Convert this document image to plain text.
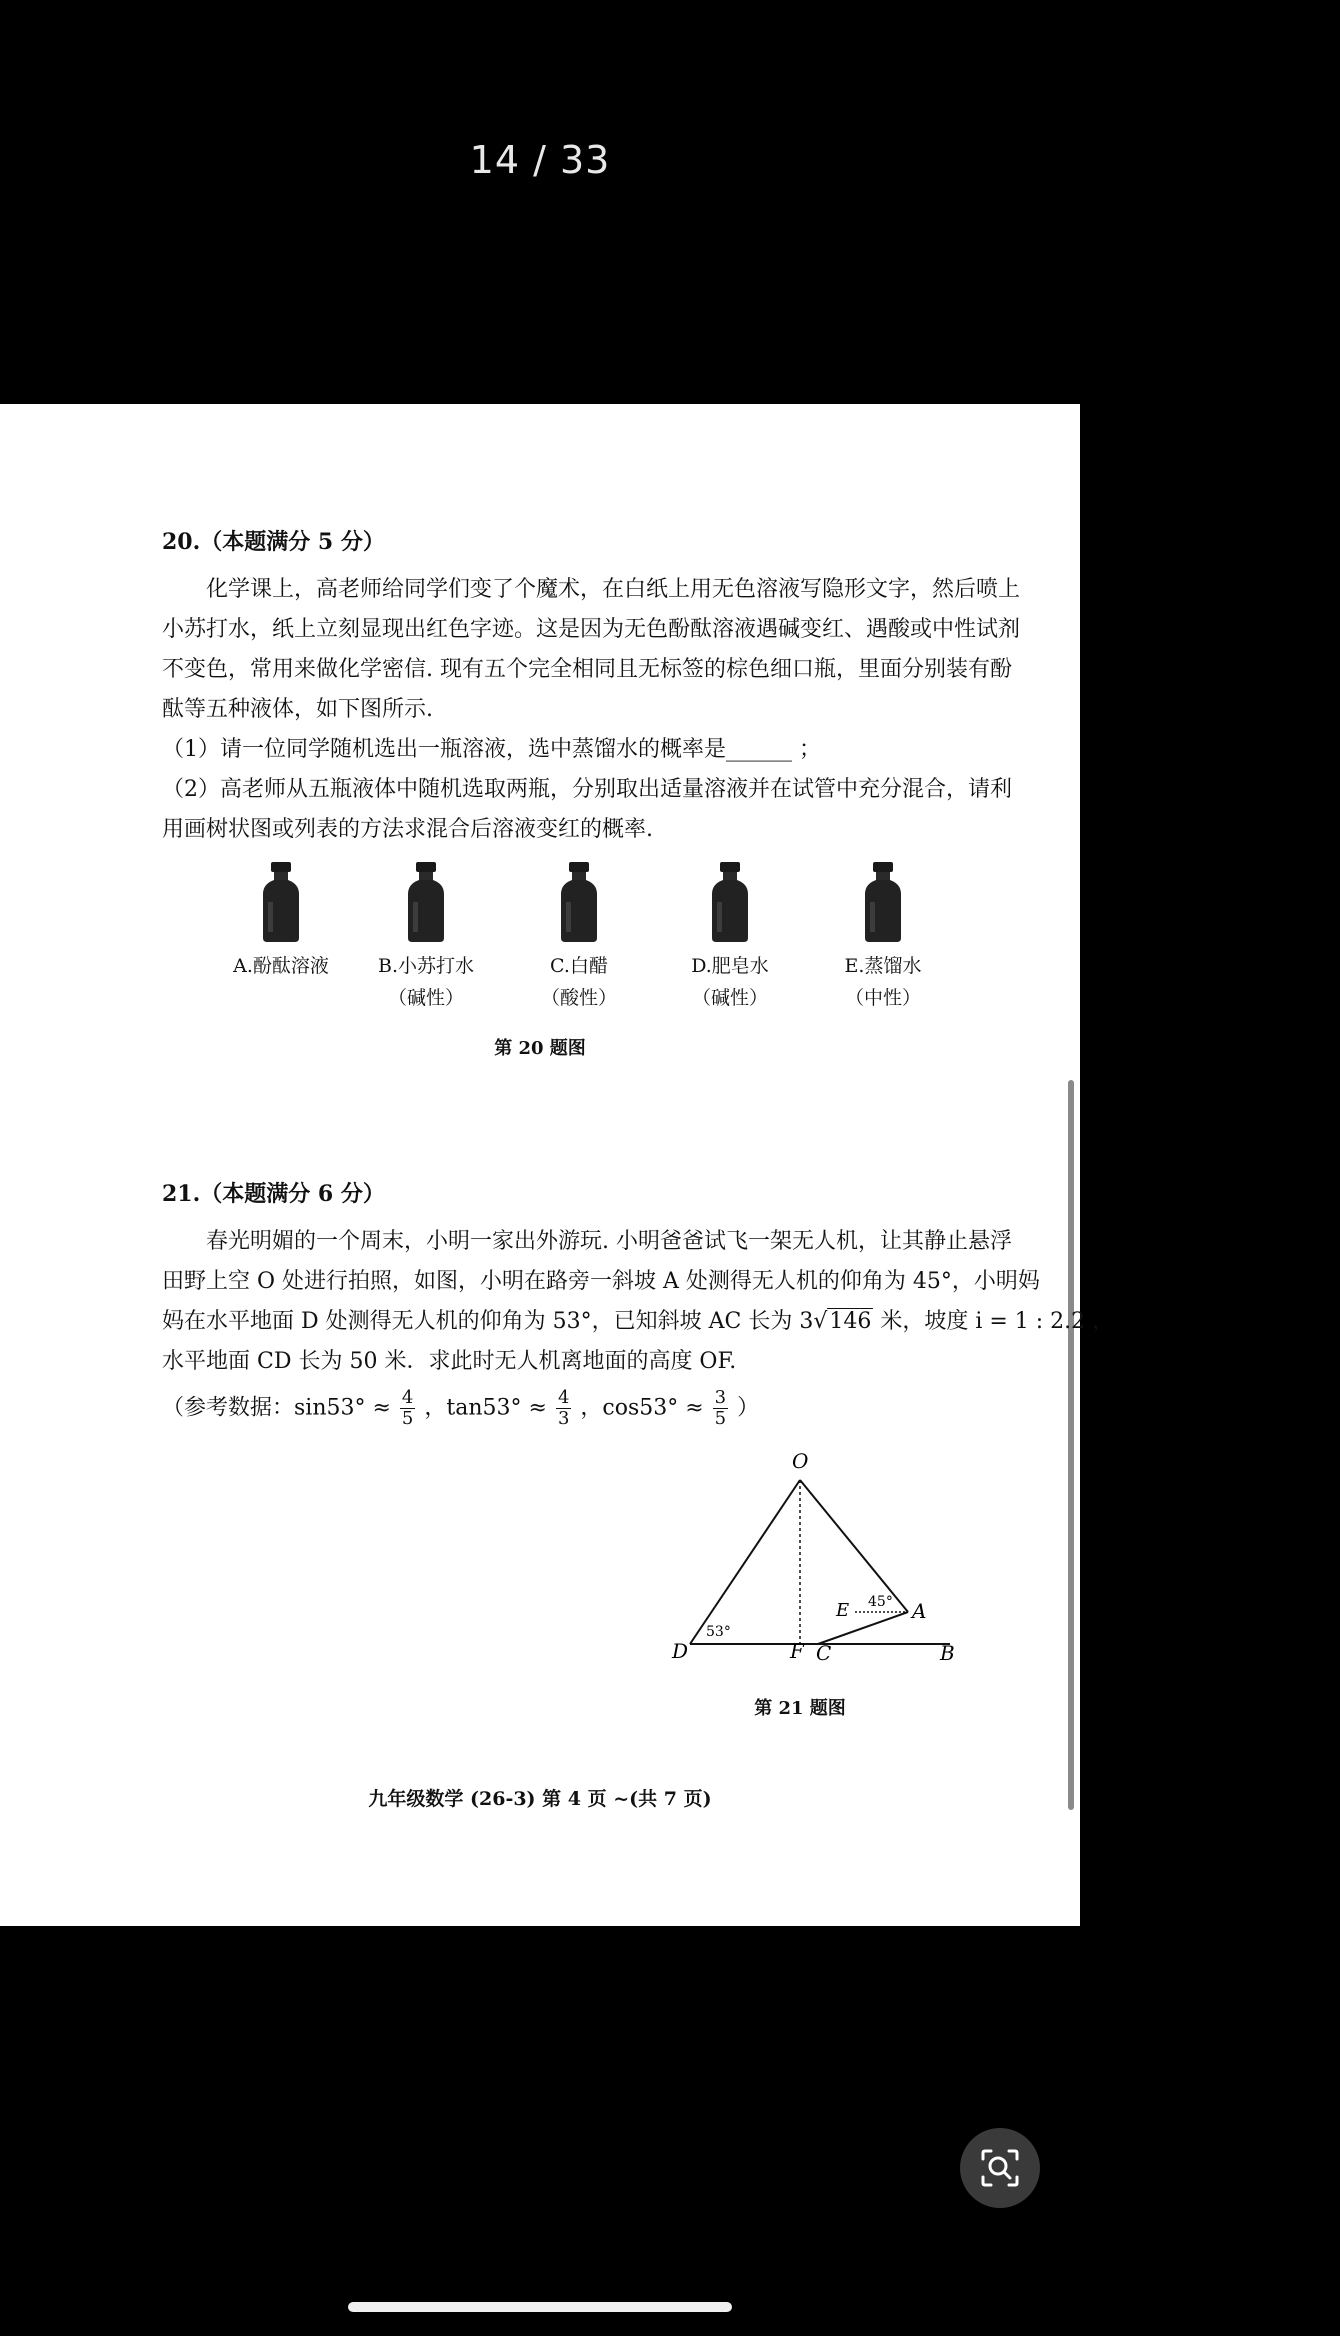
14 / 33
20.（本题满分 5 分）
化学课上，高老师给同学们变了个魔术，在白纸上用无色溶液写隐形文字，然后喷上
小苏打水，纸上立刻显现出红色字迹。这是因为无色酚酞溶液遇碱变红、遇酸或中性试剂
不变色，常用来做化学密信. 现有五个完全相同且无标签的棕色细口瓶，里面分别装有酚
酞等五种液体，如下图所示.
（1）请一位同学随机选出一瓶溶液，选中蒸馏水的概率是______ ；
（2）高老师从五瓶液体中随机选取两瓶，分别取出适量溶液并在试管中充分混合，请利
用画树状图或列表的方法求混合后溶液变红的概率.
A.酚酞溶液	B.小苏打水
（碱性）
C.白醋
（酸性）
D.肥皂水
（碱性）
E.蒸馏水
（中性）
第 20 题图
21.（本题满分 6 分）
春光明媚的一个周末，小明一家出外游玩. 小明爸爸试飞一架无人机，让其静止悬浮
田野上空 O 处进行拍照，如图，小明在路旁一斜坡 A 处测得无人机的仰角为 45°，小明妈
妈在水平地面 D 处测得无人机的仰角为 53°，已知斜坡 AC 长为 3√146 米，坡度 i = 1 : 2.2 ，
水平地面 CD 长为 50 米．求此时无人机离地面的高度 OF.
（参考数据：$\sin 53^\circ \approx \frac{4}{5}$ ，$\tan 53^\circ \approx \frac{4}{3}$ ，$\cos 53^\circ \approx \frac{3}{5}$ ）
O
D	F C	B
E	A
53°
45°
第 21 题图
九年级数学 (26-3) 第 4 页 ~(共 7 页)
